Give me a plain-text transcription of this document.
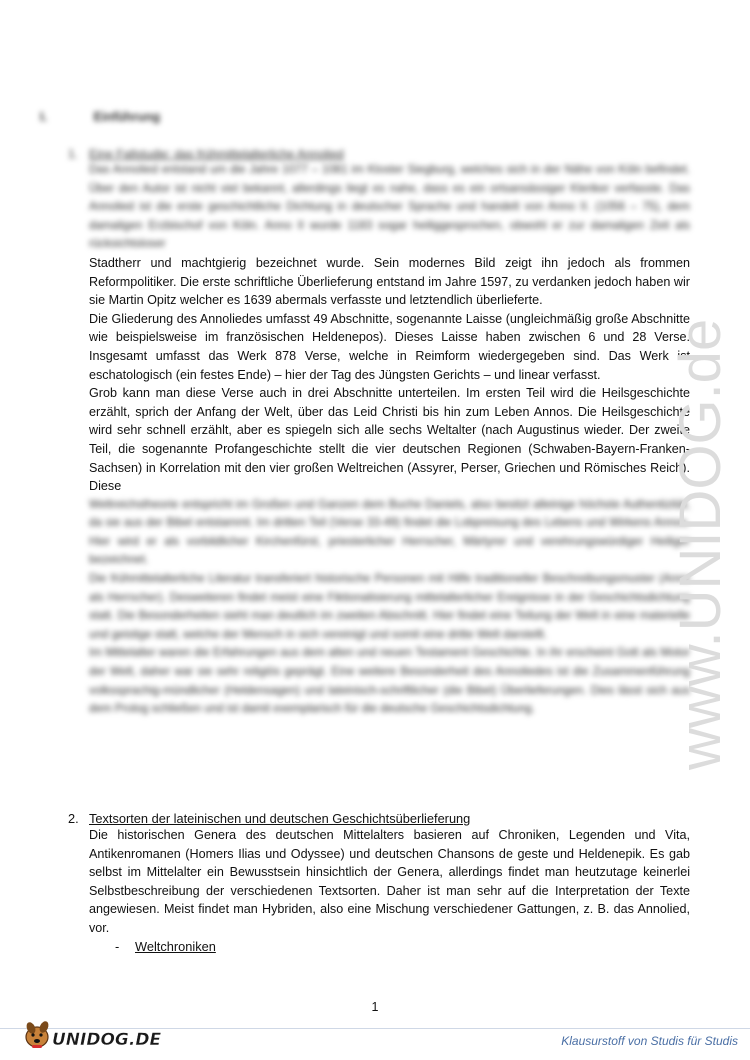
I.	Einführung
1. Eine Fallstudie: das frühmittelalterliche Annolied

Das Annolied entstand um die Jahre 1077 – 1081 im Kloster Siegburg, welches sich in der Nähe von Köln befindet. Über den Autor ist nicht viel bekannt, allerdings liegt es nahe, dass es ein ortsansässiger Kleriker verfasste. Das Annolied ist die erste geschichtliche Dichtung in deutscher Sprache und handelt von Anno II. (1056 – 75), dem damaligen Erzbischof von Köln. Anno II wurde 1183 sogar heiliggesprochen, obwohl er zur damaligen Zeit als rücksichtsloser

Stadtherr und machtgierig bezeichnet wurde. Sein modernes Bild zeigt ihn jedoch als frommen Reformpolitiker. Die erste schriftliche Überlieferung entstand im Jahre 1597, zu verdanken jedoch haben wir sie Martin Opitz welcher es 1639 abermals verfasste und letztendlich überlieferte.

Die Gliederung des Annoliedes umfasst 49 Abschnitte, sogenannte Laisse (ungleichmäßig große Abschnitte wie beispielsweise im französischen Heldenepos). Dieses Laisse haben zwischen 6 und 28 Verse. Insgesamt umfasst das Werk 878 Verse, welche in Reimform wiedergegeben sind. Das Werk ist eschatologisch (ein festes Ende) – hier der Tag des Jüngsten Gerichts – und linear verfasst.

Grob kann man diese Verse auch in drei Abschnitte unterteilen. Im ersten Teil wird die Heilsgeschichte erzählt, sprich der Anfang der Welt, über das Leid Christi bis hin zum Leben Annos. Die Heilsgeschichte wird sehr schnell erzählt, aber es spiegeln sich alle sechs Weltalter (nach Augustinus wieder. Der zweite Teil, die sogenannte Profangeschichte stellt die vier deutschen Regionen (Schwaben-Bayern-Franken-Sachsen) in Korrelation mit den vier großen Weltreichen (Assyrer, Perser, Griechen und Römisches Reich). Diese

Weltreichstheorie entspricht im Großen und Ganzen dem Buche Daniels, also besitzt alleinige höchste Authentizität, da sie aus der Bibel entstammt. Im dritten Teil (Verse 33-49) findet die Lobpreisung des Lebens und Wirkens Annos. Hier wird er als vorbildlicher Kirchenfürst, priesterlicher Herrscher, Märtyrer und verehrungswürdiger Heiliger bezeichnet.

Die frühmittelalterliche Literatur transferiert historische Personen mit Hilfe traditioneller Beschreibungsmuster (Anno als Herrscher). Desweiteren findet meist eine Fiktionalisierung mittelalterlicher Ereignisse in der Geschichtsdichtung statt. Die Besonderheiten sieht man deutlich im zweiten Abschnitt. Hier findet eine Teilung der Welt in eine materielle und geistige statt, welche der Mensch in sich vereinigt und somit eine dritte Welt darstellt.

Im Mittelalter waren die Erfahrungen aus dem alten und neuen Testament Geschichte. In ihr erscheint Gott als Motor der Welt, daher war sie sehr religiös geprägt. Eine weitere Besonderheit des Annoliedes ist die Zusammenführung volkssprachig-mündlicher (Heldensagen) und lateinisch-schriftlicher (die Bibel) Überlieferungen. Dies lässt sich aus dem Prolog schließen und ist damit exemplarisch für die deutsche Geschichtsdichtung.

2. Textsorten der lateinischen und deutschen Geschichtsüberlieferung

Die historischen Genera des deutschen Mittelalters basieren auf Chroniken, Legenden und Vita, Antikenromanen (Homers Ilias und Odyssee) und deutschen Chansons de geste und Heldenepik. Es gab selbst im Mittelalter ein Bewusstsein hinsichtlich der Genera, allerdings findet man heutzutage keinerlei Selbstbeschreibung der verschiedenen Textsorten. Daher ist man sehr auf die Interpretation der Texte angewiesen. Meist findet man Hybriden, also eine Mischung verschiedener Gattungen, z. B. das Annolied, vor.

- Weltchroniken
www.UNIDOG.de
1
UNIDOG.DE	Klausurstoff von Studis für Studis
